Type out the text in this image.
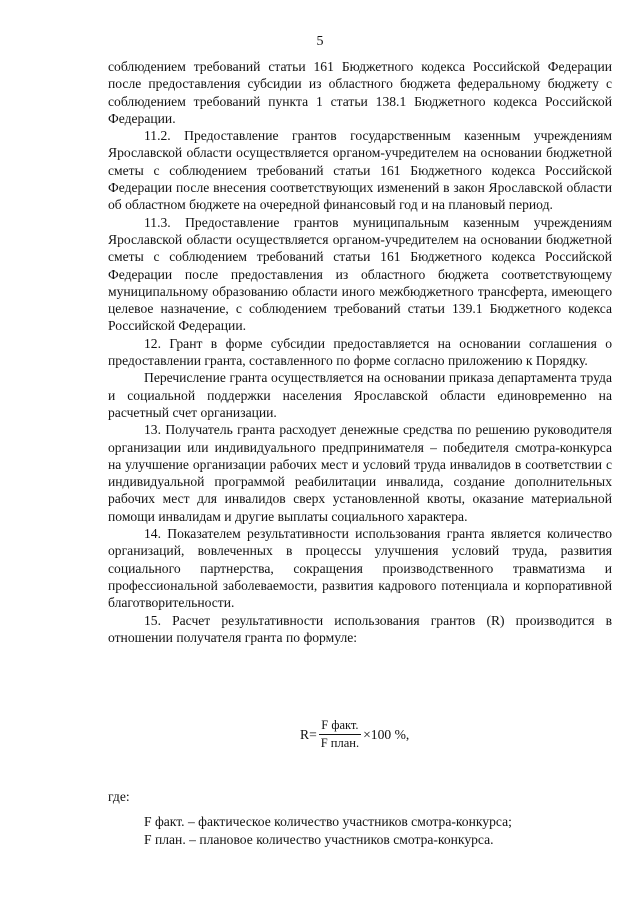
5

соблюдением требований статьи 161 Бюджетного кодекса Российской Федерации после предоставления субсидии из областного бюджета федеральному бюджету с соблюдением требований пункта 1 статьи 138.1 Бюджетного кодекса Российской Федерации.

11.2. Предоставление грантов государственным казенным учреждениям Ярославской области осуществляется органом-учредителем на основании бюджетной сметы с соблюдением требований статьи 161 Бюджетного кодекса Российской Федерации после внесения соответствующих изменений в закон Ярославской области об областном бюджете на очередной финансовый год и на плановый период.

11.3. Предоставление грантов муниципальным казенным учреждениям Ярославской области осуществляется органом-учредителем на основании бюджетной сметы с соблюдением требований статьи 161 Бюджетного кодекса Российской Федерации после предоставления из областного бюджета соответствующему муниципальному образованию области иного межбюджетного трансферта, имеющего целевое назначение, с соблюдением требований статьи 139.1 Бюджетного кодекса Российской Федерации.

12. Грант в форме субсидии предоставляется на основании соглашения о предоставлении гранта, составленного по форме согласно приложению к Порядку.

Перечисление гранта осуществляется на основании приказа департамента труда и социальной поддержки населения Ярославской области единовременно на расчетный счет организации.

13. Получатель гранта расходует денежные средства по решению руководителя организации или индивидуального предпринимателя – победителя смотра-конкурса на улучшение организации рабочих мест и условий труда инвалидов в соответствии с индивидуальной программой реабилитации инвалида, создание дополнительных рабочих мест для инвалидов сверх установленной квоты, оказание материальной помощи инвалидам и другие выплаты социального характера.

14. Показателем результативности использования гранта является количество организаций, вовлеченных в процессы улучшения условий труда, развития социального партнерства, сокращения производственного травматизма и профессиональной заболеваемости, развития кадрового потенциала и корпоративной благотворительности.

15. Расчет результативности использования грантов (R) производится в отношении получателя гранта по формуле:

$R= \frac{\text{F факт.}}{\text{F план.}} \times 100$ %,

где:

F факт. – фактическое количество участников смотра-конкурса;

F план. – плановое количество участников смотра-конкурса.
